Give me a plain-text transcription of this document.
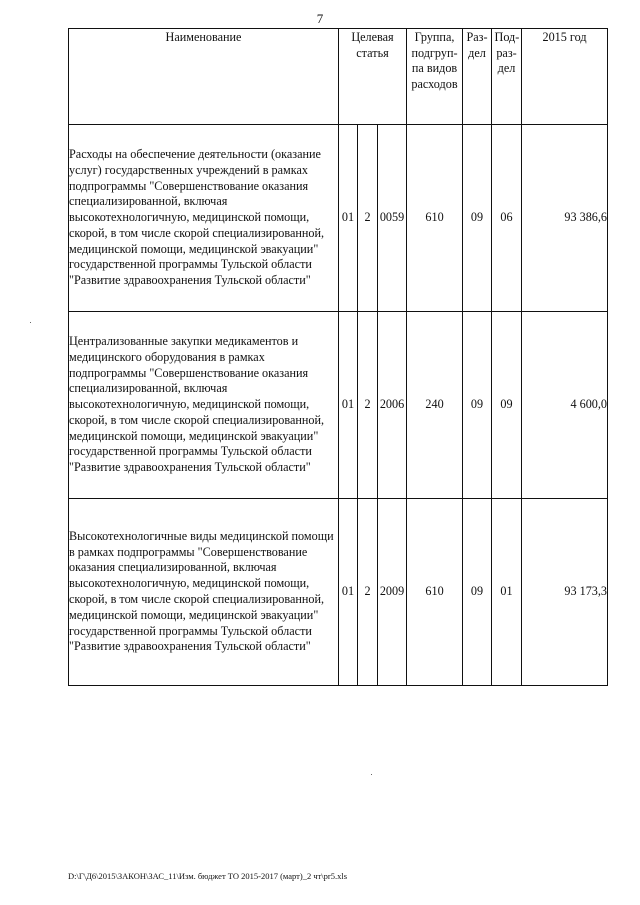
7
Наименование	Целевая статья			Группа, подгруп-па видов расходов	Раз-дел	Под-раз-дел	2015 год
Расходы на обеспечение деятельности (оказание услуг) государственных учреждений в рамках подпрограммы "Совершенствование оказания специализированной, включая высокотехнологичную, медицинской помощи, скорой, в том числе скорой специализированной, медицинской помощи, медицинской эвакуации" государственной программы Тульской области "Развитие здравоохранения Тульской области"	01	2	0059	610	09	06	93 386,6
Централизованные закупки медикаментов и медицинского оборудования в рамках подпрограммы "Совершенствование оказания специализированной, включая высокотехнологичную, медицинской помощи, скорой, в том числе скорой специализированной, медицинской помощи, медицинской эвакуации" государственной программы Тульской области "Развитие здравоохранения Тульской области"	01	2	2006	240	09	09	4 600,0
Высокотехнологичные виды медицинской помощи в рамках подпрограммы "Совершенствование оказания специализированной, включая высокотехнологичную, медицинской помощи, скорой, в том числе скорой специализированной, медицинской помощи, медицинской эвакуации" государственной программы Тульской области "Развитие здравоохранения Тульской области"	01	2	2009	610	09	01	93 173,3
D:\Г\Д6\2015\ЗАКОН\ЗАС_11\Изм. бюджет ТО 2015-2017 (март)_2 чт\pr5.xls
